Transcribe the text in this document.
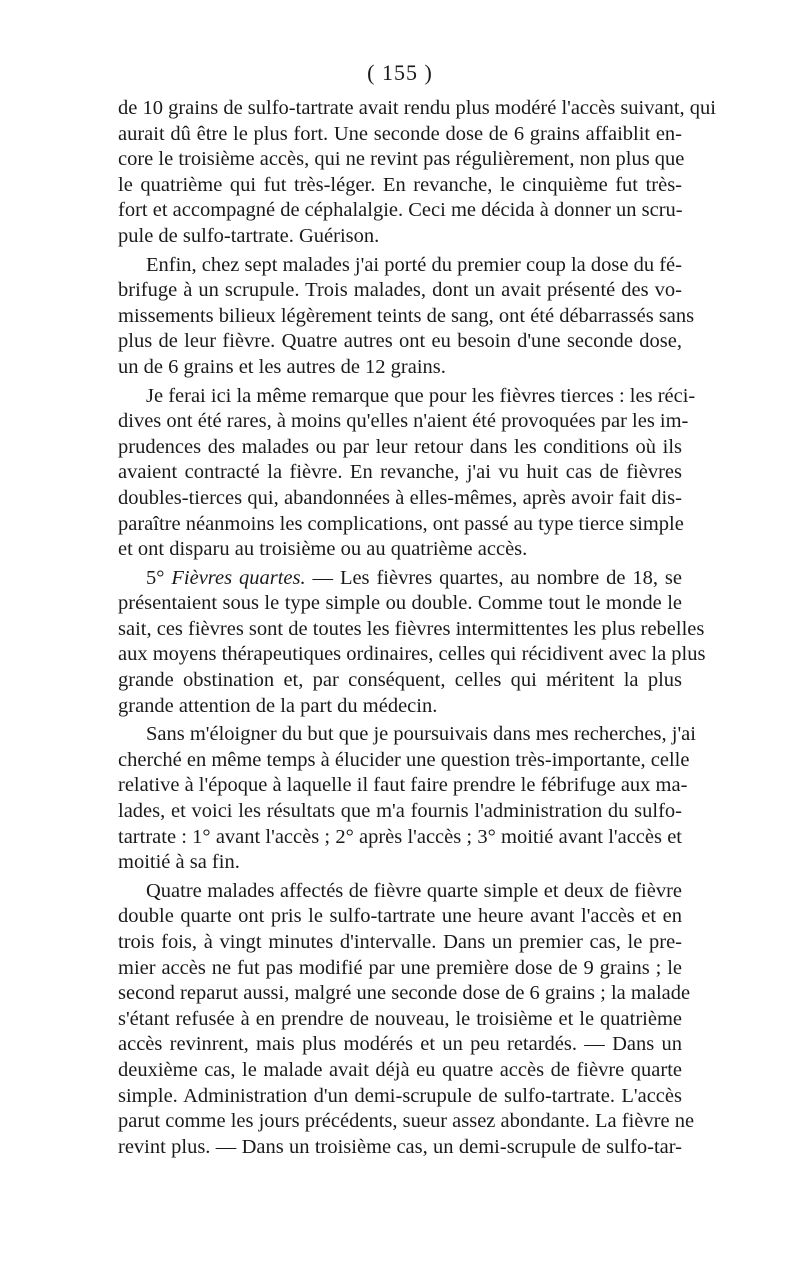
( 155 )
de 10 grains de sulfo-tartrate avait rendu plus modéré l'accès suivant, qui
aurait dû être le plus fort. Une seconde dose de 6 grains affaiblit en-
core le troisième accès, qui ne revint pas régulièrement, non plus que
le quatrième qui fut très-léger. En revanche, le cinquième fut très-
fort et accompagné de céphalalgie. Ceci me décida à donner un scru-
pule de sulfo-tartrate. Guérison.
Enfin, chez sept malades j'ai porté du premier coup la dose du fé-
brifuge à un scrupule. Trois malades, dont un avait présenté des vo-
missements bilieux légèrement teints de sang, ont été débarrassés sans
plus de leur fièvre. Quatre autres ont eu besoin d'une seconde dose,
un de 6 grains et les autres de 12 grains.
Je ferai ici la même remarque que pour les fièvres tierces : les réci-
dives ont été rares, à moins qu'elles n'aient été provoquées par les im-
prudences des malades ou par leur retour dans les conditions où ils
avaient contracté la fièvre. En revanche, j'ai vu huit cas de fièvres
doubles-tierces qui, abandonnées à elles-mêmes, après avoir fait dis-
paraître néanmoins les complications, ont passé au type tierce simple
et ont disparu au troisième ou au quatrième accès.
5° Fièvres quartes. — Les fièvres quartes, au nombre de 18, se
présentaient sous le type simple ou double. Comme tout le monde le
sait, ces fièvres sont de toutes les fièvres intermittentes les plus rebelles
aux moyens thérapeutiques ordinaires, celles qui récidivent avec la plus
grande obstination et, par conséquent, celles qui méritent la plus
grande attention de la part du médecin.
Sans m'éloigner du but que je poursuivais dans mes recherches, j'ai
cherché en même temps à élucider une question très-importante, celle
relative à l'époque à laquelle il faut faire prendre le fébrifuge aux ma-
lades, et voici les résultats que m'a fournis l'administration du sulfo-
tartrate : 1° avant l'accès ; 2° après l'accès ; 3° moitié avant l'accès et
moitié à sa fin.
Quatre malades affectés de fièvre quarte simple et deux de fièvre
double quarte ont pris le sulfo-tartrate une heure avant l'accès et en
trois fois, à vingt minutes d'intervalle. Dans un premier cas, le pre-
mier accès ne fut pas modifié par une première dose de 9 grains ; le
second reparut aussi, malgré une seconde dose de 6 grains ; la malade
s'étant refusée à en prendre de nouveau, le troisième et le quatrième
accès revinrent, mais plus modérés et un peu retardés. — Dans un
deuxième cas, le malade avait déjà eu quatre accès de fièvre quarte
simple. Administration d'un demi-scrupule de sulfo-tartrate. L'accès
parut comme les jours précédents, sueur assez abondante. La fièvre ne
revint plus. — Dans un troisième cas, un demi-scrupule de sulfo-tar-
